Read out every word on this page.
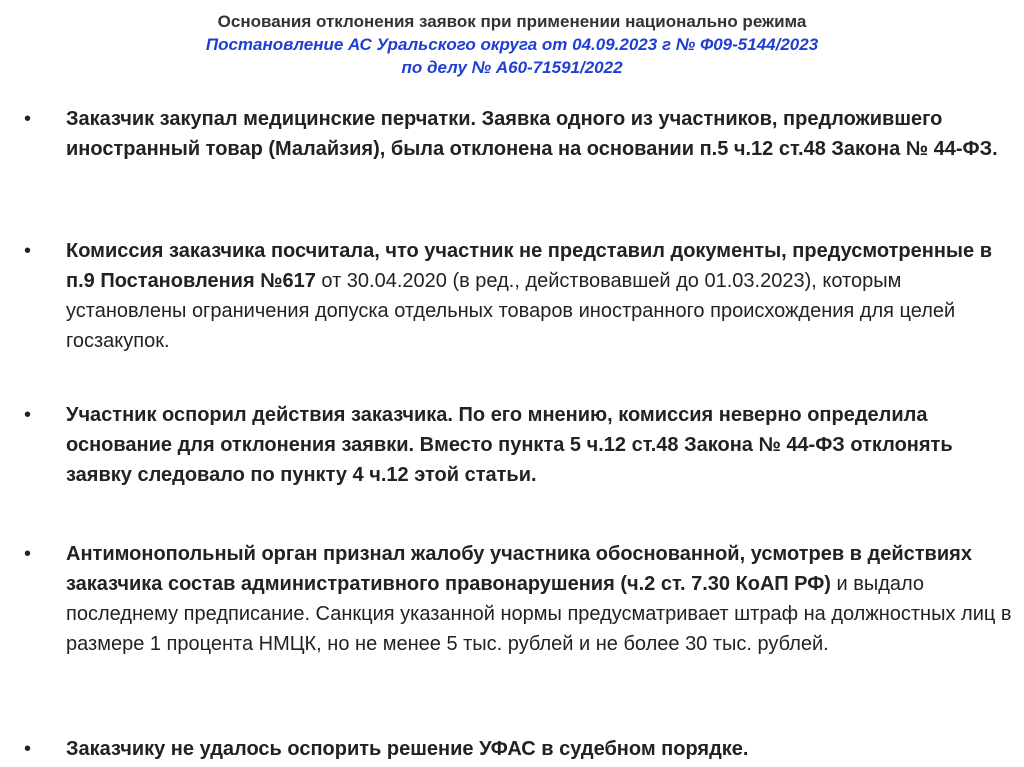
Основания отклонения заявок при применении национально режима

Постановление АС Уральского округа от 04.09.2023 г № Ф09-5144/2023

по делу № А60-71591/2022

• Заказчик закупал медицинские перчатки. Заявка одного из участников, предложившего иностранный товар (Малайзия), была отклонена на основании п.5 ч.12 ст.48 Закона № 44-ФЗ.

• Комиссия заказчика посчитала, что участник не представил документы, предусмотренные в п.9 Постановления №617 от 30.04.2020 (в ред., действовавшей до 01.03.2023), которым установлены ограничения допуска отдельных товаров иностранного происхождения для целей госзакупок.

• Участник оспорил действия заказчика. По его мнению, комиссия неверно определила основание для отклонения заявки. Вместо пункта 5 ч.12 ст.48 Закона № 44-ФЗ отклонять заявку следовало по пункту 4 ч.12 этой статьи.

• Антимонопольный орган признал жалобу участника обоснованной, усмотрев в действиях заказчика состав административного правонарушения (ч.2 ст. 7.30 КоАП РФ) и выдало последнему предписание. Санкция указанной нормы предусматривает штраф на должностных лиц в размере 1 процента НМЦК, но не менее 5 тыс. рублей и не более 30 тыс. рублей.

• Заказчику не удалось оспорить решение УФАС в судебном порядке.
